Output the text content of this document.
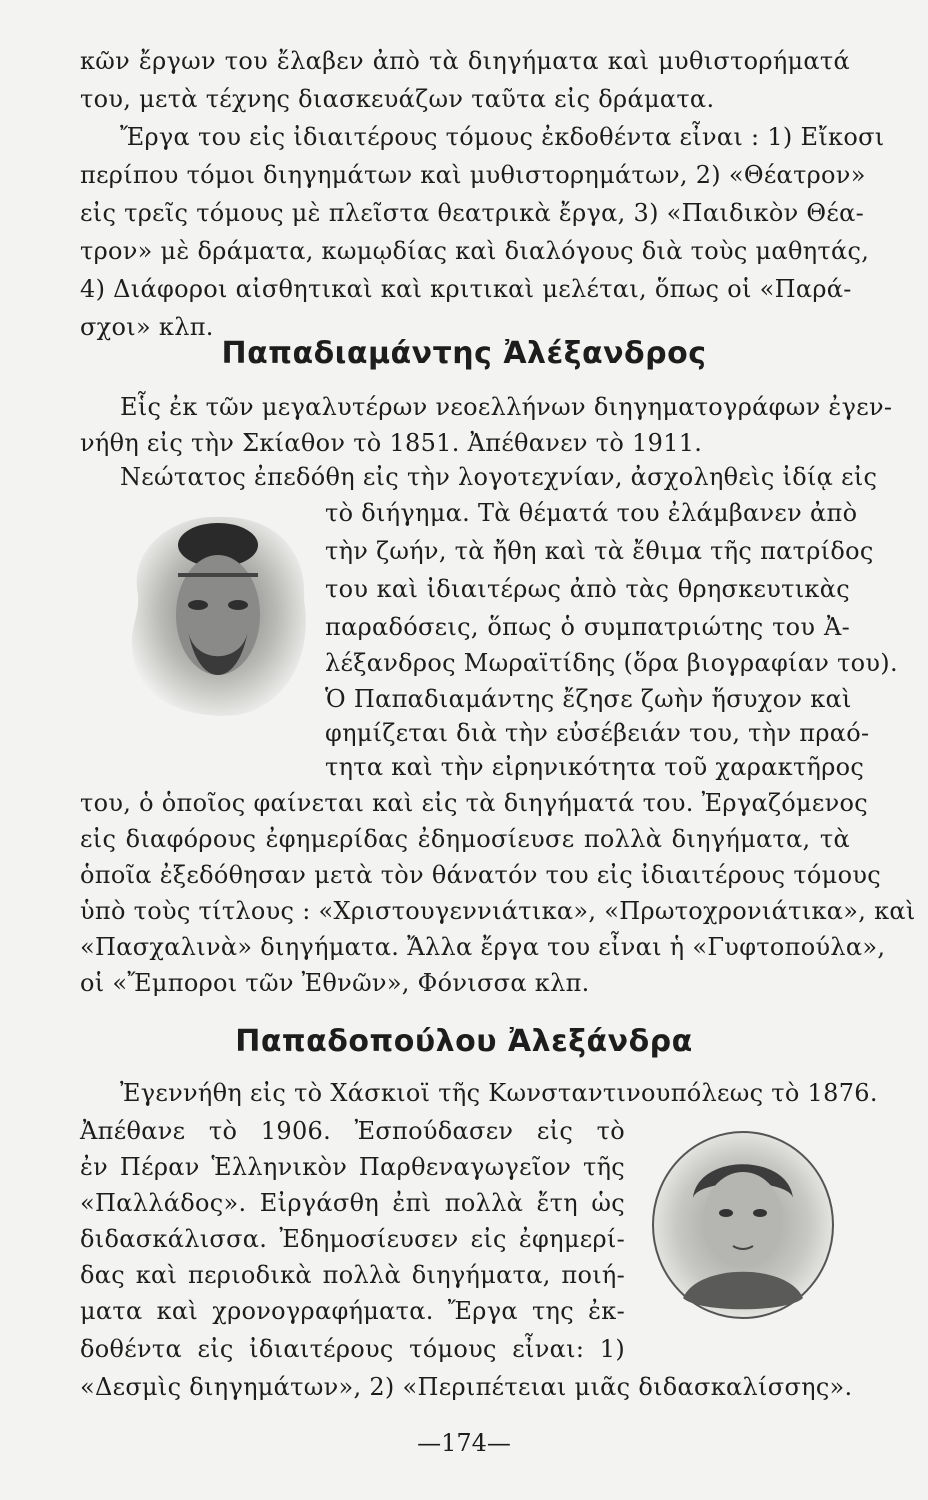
κῶν ἔργων του ἔλαβεν ἀπὸ τὰ διηγήματα καὶ μυθιστορήματά
του, μετὰ τέχνης διασκευάζων ταῦτα εἰς δράματα.
Ἔργα του εἰς ἰδιαιτέρους τόμους ἐκδοθέντα εἶναι : 1) Εἴκοσι
περίπου τόμοι διηγημάτων καὶ μυθιστορημάτων, 2) «Θέατρον»
εἰς τρεῖς τόμους μὲ πλεῖστα θεατρικὰ ἔργα, 3) «Παιδικὸν Θέα-
τρον» μὲ δράματα, κωμῳδίας καὶ διαλόγους διὰ τοὺς μαθητάς,
4) Διάφοροι αἰσθητικαὶ καὶ κριτικαὶ μελέται, ὅπως οἱ «Παρά-
σχοι» κλπ.
Παπαδιαμάντης Ἀλέξανδρος
Εἷς ἐκ τῶν μεγαλυτέρων νεοελλήνων διηγηματογράφων ἐγεν-
νήθη εἰς τὴν Σκίαθον τὸ 1851. Ἀπέθανεν τὸ 1911.
Νεώτατος ἐπεδόθη εἰς τὴν λογοτεχνίαν, ἀσχοληθεὶς ἰδίᾳ εἰς
τὸ διήγημα. Τὰ θέματά του ἐλάμβανεν ἀπὸ
τὴν ζωήν, τὰ ἤθη καὶ τὰ ἔθιμα τῆς πατρίδος
του καὶ ἰδιαιτέρως ἀπὸ τὰς θρησκευτικὰς
παραδόσεις, ὅπως ὁ συμπατριώτης του Ἀ-
λέξανδρος Μωραϊτίδης (ὅρα βιογραφίαν του).
Ὁ Παπαδιαμάντης ἔζησε ζωὴν ἥσυχον καὶ
φημίζεται διὰ τὴν εὐσέβειάν του, τὴν πραό-
τητα καὶ τὴν εἰρηνικότητα τοῦ χαρακτῆρος
του, ὁ ὁποῖος φαίνεται καὶ εἰς τὰ διηγήματά του. Ἐργαζόμενος
εἰς διαφόρους ἐφημερίδας ἐδημοσίευσε πολλὰ διηγήματα, τὰ
ὁποῖα ἐξεδόθησαν μετὰ τὸν θάνατόν του εἰς ἰδιαιτέρους τόμους
ὑπὸ τοὺς τίτλους : «Χριστουγεννιάτικα», «Πρωτοχρονιάτικα», καὶ
«Πασχαλινὰ» διηγήματα. Ἄλλα ἔργα του εἶναι ἡ «Γυφτοπούλα»,
οἱ «Ἔμποροι τῶν Ἐθνῶν», Φόνισσα κλπ.
Παπαδοπούλου Ἀλεξάνδρα
Ἐγεννήθη εἰς τὸ Χάσκιοϊ τῆς Κωνσταντινουπόλεως τὸ 1876.
Ἀπέθανε τὸ 1906. Ἐσπούδασεν εἰς τὸ
ἐν Πέραν Ἑλληνικὸν Παρθεναγωγεῖον τῆς
«Παλλάδος». Εἰργάσθη ἐπὶ πολλὰ ἔτη ὡς
διδασκάλισσα. Ἐδημοσίευσεν εἰς ἐφημερί-
δας καὶ περιοδικὰ πολλὰ διηγήματα, ποιή-
ματα καὶ χρονογραφήματα. Ἔργα της ἐκ-
δοθέντα εἰς ἰδιαιτέρους τόμους εἶναι: 1)
«Δεσμὶς διηγημάτων», 2) «Περιπέτειαι μιᾶς διδασκαλίσσης».
—174—
